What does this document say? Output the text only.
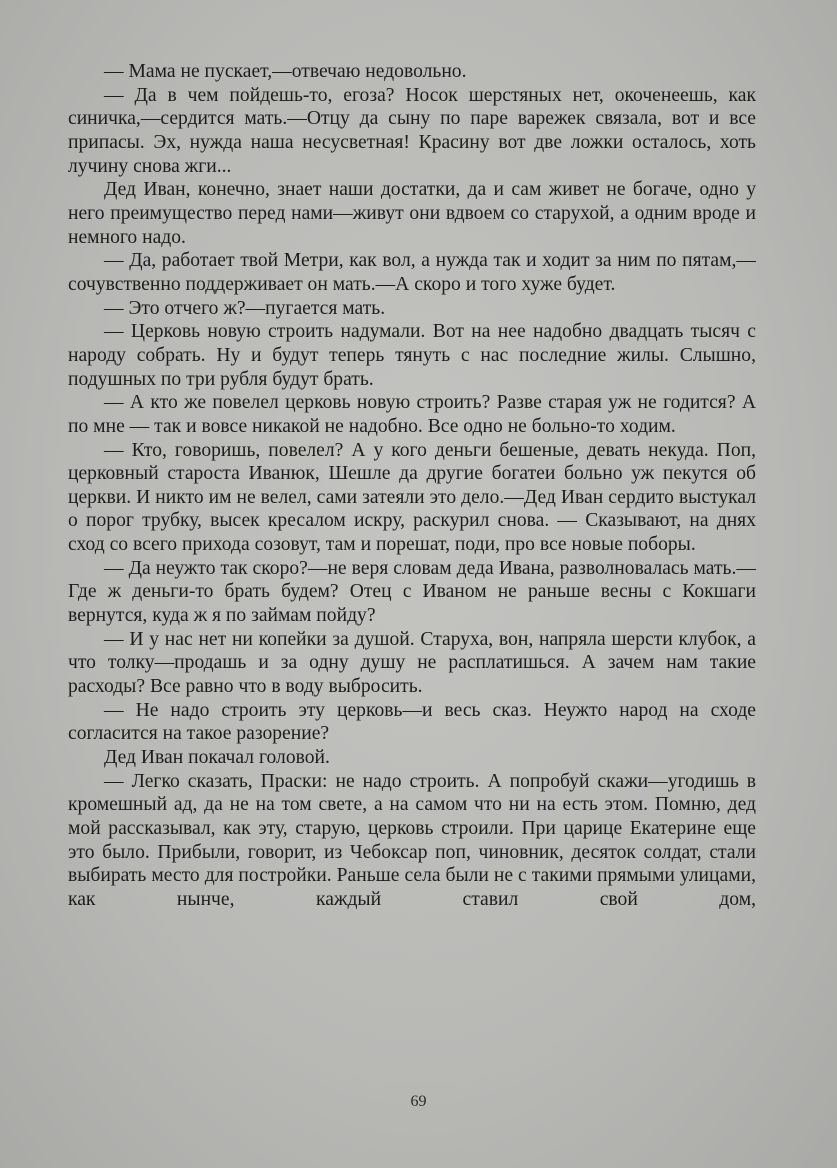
— Мама не пускает,—отвечаю недовольно.

— Да в чем пойдешь-то, егоза? Носок шерстяных нет, окоченеешь, как синичка,—сердится мать.—Отцу да сыну по паре варежек связала, вот и все припасы. Эх, нужда наша несусветная! Красину вот две ложки осталось, хоть лучину снова жги...

Дед Иван, конечно, знает наши достатки, да и сам живет не богаче, одно у него преимущество перед нами—живут они вдвоем со старухой, а одним вроде и немного надо.

— Да, работает твой Метри, как вол, а нужда так и ходит за ним по пятам,—сочувственно поддерживает он мать.—А скоро и того хуже будет.

— Это отчего ж?—пугается мать.

— Церковь новую строить надумали. Вот на нее надобно двадцать тысяч с народу собрать. Ну и будут теперь тянуть с нас последние жилы. Слышно, подушных по три рубля будут брать.

— А кто же повелел церковь новую строить? Разве старая уж не годится? А по мне — так и вовсе никакой не надобно. Все одно не больно-то ходим.

— Кто, говоришь, повелел? А у кого деньги бешеные, девать некуда. Поп, церковный староста Иванюк, Шешле да другие богатеи больно уж пекутся об церкви. И никто им не велел, сами затеяли это дело.—Дед Иван сердито выстукал о порог трубку, высек кресалом искру, раскурил снова. — Сказывают, на днях сход со всего прихода созовут, там и порешат, поди, про все новые поборы.

— Да неужто так скоро?—не веря словам деда Ивана, разволновалась мать.—Где ж деньги-то брать будем? Отец с Иваном не раньше весны с Кокшаги вернутся, куда ж я по займам пойду?

— И у нас нет ни копейки за душой. Старуха, вон, напряла шерсти клубок, а что толку—продашь и за одну душу не расплатишься. А зачем нам такие расходы? Все равно что в воду выбросить.

— Не надо строить эту церковь—и весь сказ. Неужто народ на сходе согласится на такое разорение?

Дед Иван покачал головой.

— Легко сказать, Праски: не надо строить. А попробуй скажи—угодишь в кромешный ад, да не на том свете, а на самом что ни на есть этом. Помню, дед мой рассказывал, как эту, старую, церковь строили. При царице Екатерине еще это было. Прибыли, говорит, из Чебоксар поп, чиновник, десяток солдат, стали выбирать место для постройки. Раньше села были не с такими прямыми улицами, как нынче, каждый ставил свой дом,

69
